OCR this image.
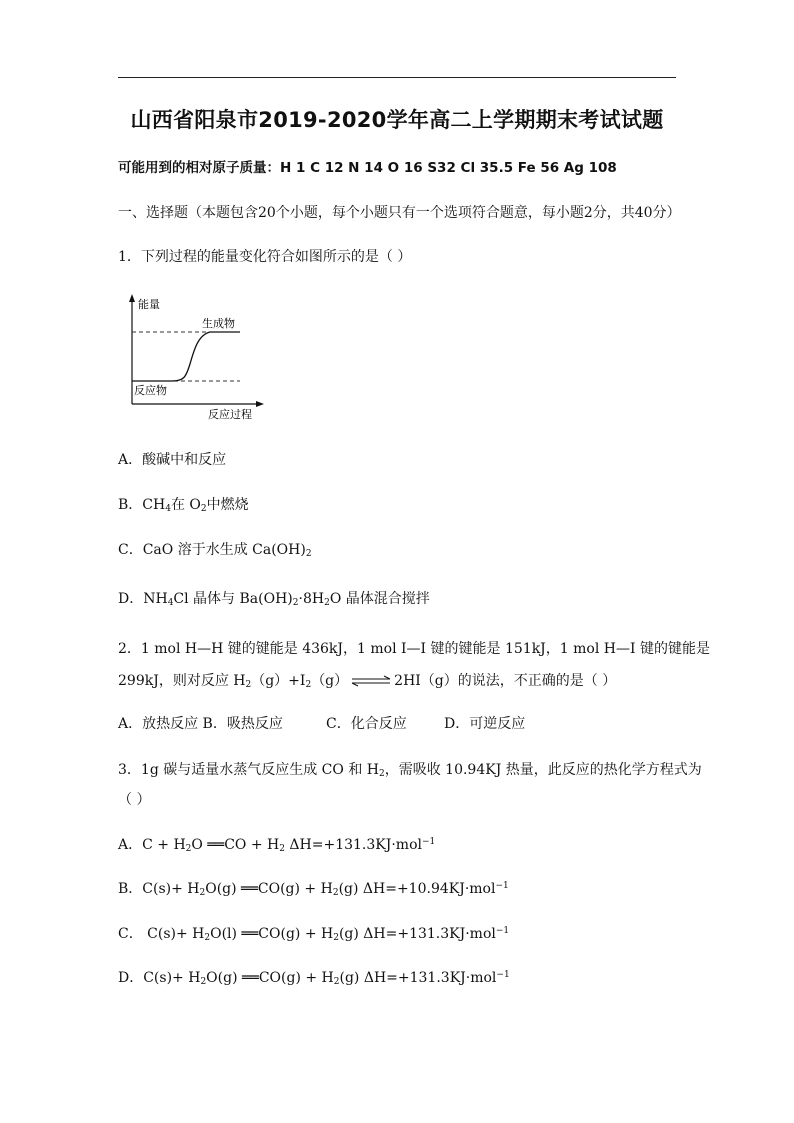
山西省阳泉市2019-2020学年高二上学期期末考试试题
可能用到的相对原子质量：H 1 C 12 N 14 O 16 S32 Cl 35.5 Fe 56 Ag 108
一、选择题（本题包含20个小题，每个小题只有一个选项符合题意，每小题2分，共40分）
1．下列过程的能量变化符合如图所示的是（ ）
能量
生成物
反应物
反应过程
A．酸碱中和反应
B．$CH_4$在 $O_2$中燃烧
C．CaO 溶于水生成 $Ca(OH)_2$
D．$NH_4Cl$ 晶体与 $Ba(OH)_2\cdot 8H_2O$ 晶体混合搅拌
2．1 mol H—H 键的键能是 436kJ，1 mol I—I 键的键能是 151kJ，1 mol H—I 键的键能是
299kJ，则对反应 $H_2(g)+I_2(g)$ ⇌ 2HI（g）的说法，不正确的是（ ）
A．放热反应 B．吸热反应	C．化合反应	D．可逆反应
3．1g 碳与适量水蒸气反应生成 CO 和 $H_2$，需吸收 10.94KJ 热量，此反应的热化学方程式为
（ ）
A．$C + H_2O$ ══CO + $H_2$ ΔH=+131.3KJ·mol$^{-1}$
B．$C(s)+ H_2O(g)$ ══CO(g) + $H_2(g)$ ΔH=+10.94KJ·mol$^{-1}$
C． $C(s)+ H_2O(l)$ ══CO(g) + $H_2(g)$ ΔH=+131.3KJ·mol$^{-1}$
D．$C(s)+ H_2O(g)$ ══CO(g) + $H_2(g)$ ΔH=+131.3KJ·mol$^{-1}$
